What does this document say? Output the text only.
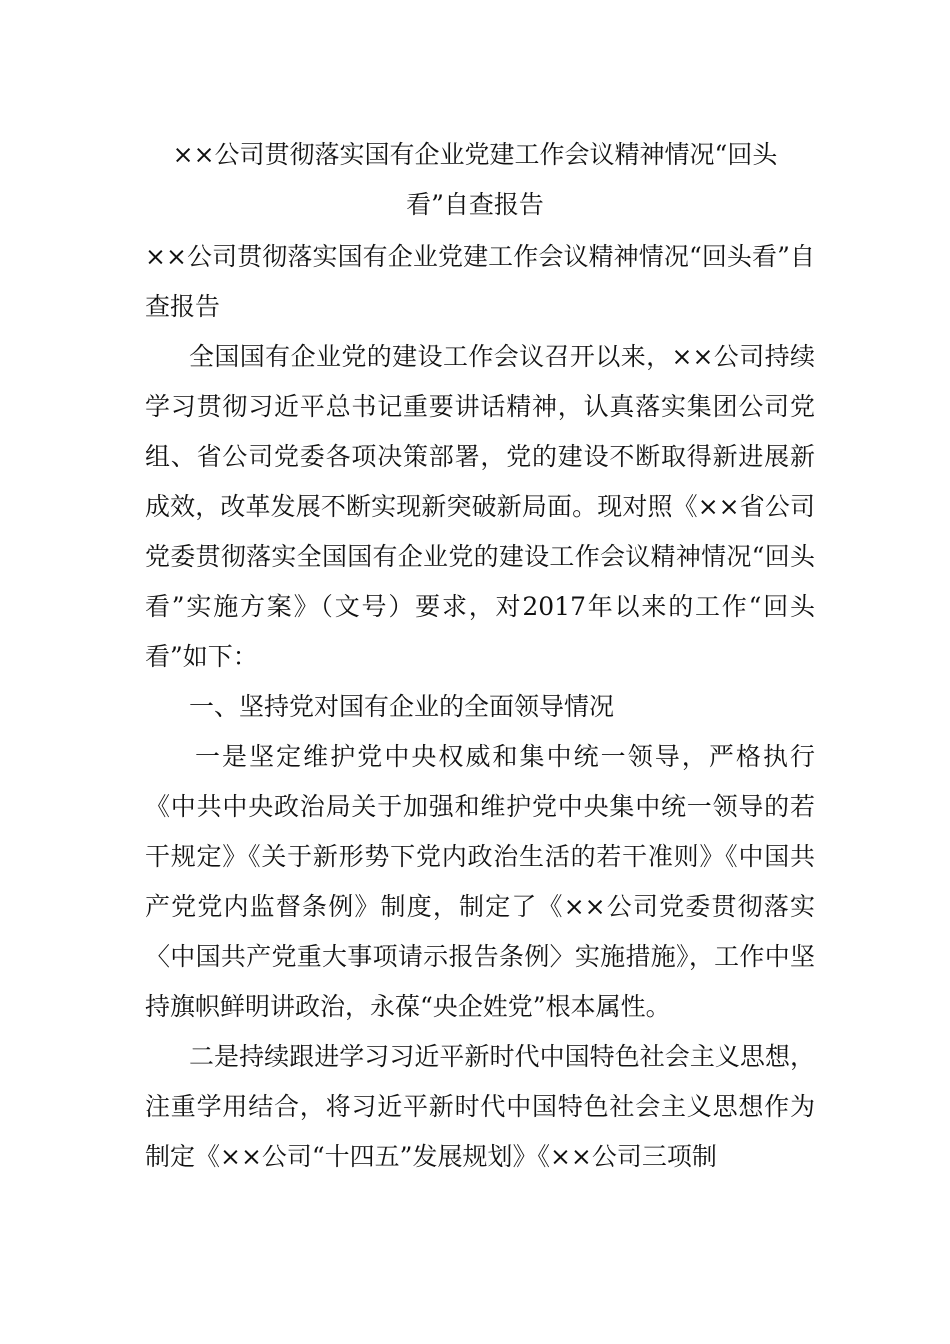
××公司贯彻落实国有企业党建工作会议精神情况“回头看”自查报告

××公司贯彻落实国有企业党建工作会议精神情况“回头看”自查报告

全国国有企业党的建设工作会议召开以来，××公司持续学习贯彻习近平总书记重要讲话精神，认真落实集团公司党组、省公司党委各项决策部署，党的建设不断取得新进展新成效，改革发展不断实现新突破新局面。现对照《××省公司党委贯彻落实全国国有企业党的建设工作会议精神情况“回头看”实施方案》（文号）要求，对2017年以来的工作“回头看”如下：

一、坚持党对国有企业的全面领导情况

一是坚定维护党中央权威和集中统一领导，严格执行《中共中央政治局关于加强和维护党中央集中统一领导的若干规定》《关于新形势下党内政治生活的若干准则》《中国共产党党内监督条例》制度，制定了《××公司党委贯彻落实〈中国共产党重大事项请示报告条例〉实施措施》，工作中坚持旗帜鲜明讲政治，永葆“央企姓党”根本属性。

二是持续跟进学习习近平新时代中国特色社会主义思想，注重学用结合，将习近平新时代中国特色社会主义思想作为制定《××公司“十四五”发展规划》《××公司三项制
